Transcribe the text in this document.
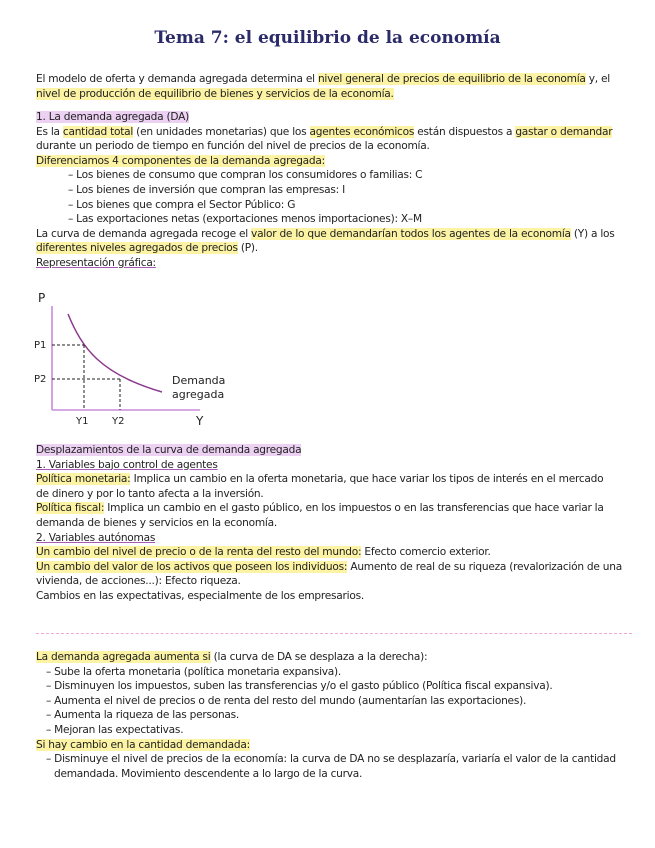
Tema 7: el equilibrio de la economía
El modelo de oferta y demanda agregada determina el nivel general de precios de equilibrio de la economía y, el
nivel de producción de equilibrio de bienes y servicios de la economía.
1. La demanda agregada (DA)
Es la cantidad total (en unidades monetarias) que los agentes económicos están dispuestos a gastar o demandar
durante un periodo de tiempo en función del nivel de precios de la economía.
Diferenciamos 4 componentes de la demanda agregada:
– Los bienes de consumo que compran los consumidores o familias: C
– Los bienes de inversión que compran las empresas: I
– Los bienes que compra el Sector Público: G
– Las exportaciones netas (exportaciones menos importaciones): X–M
La curva de demanda agregada recoge el valor de lo que demandarían todos los agentes de la economía (Y) a los
diferentes niveles agregados de precios (P).
Representación gráfica:
P
P1
P2
Y1 Y2	Y
Demanda
agregada
Desplazamientos de la curva de demanda agregada
1. Variables bajo control de agentes
Política monetaria: Implica un cambio en la oferta monetaria, que hace variar los tipos de interés en el mercado
de dinero y por lo tanto afecta a la inversión.
Política fiscal: Implica un cambio en el gasto público, en los impuestos o en las transferencias que hace variar la
demanda de bienes y servicios en la economía.
2. Variables autónomas
Un cambio del nivel de precio o de la renta del resto del mundo: Efecto comercio exterior.
Un cambio del valor de los activos que poseen los individuos: Aumento de real de su riqueza (revalorización de una
vivienda, de acciones...): Efecto riqueza.
Cambios en las expectativas, especialmente de los empresarios.
La demanda agregada aumenta si (la curva de DA se desplaza a la derecha):
– Sube la oferta monetaria (política monetaria expansiva).
– Disminuyen los impuestos, suben las transferencias y/o el gasto público (Política fiscal expansiva).
– Aumenta el nivel de precios o de renta del resto del mundo (aumentarían las exportaciones).
– Aumenta la riqueza de las personas.
– Mejoran las expectativas.
Si hay cambio en la cantidad demandada:
– Disminuye el nivel de precios de la economía: la curva de DA no se desplazaría, variaría el valor de la cantidad
demandada. Movimiento descendente a lo largo de la curva.
